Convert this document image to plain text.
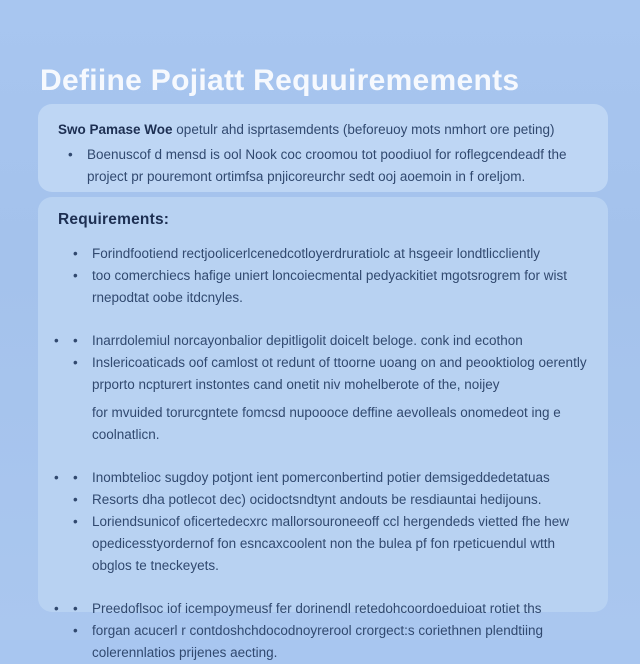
Defiine Pojiatt Requuiremements

Swo Pamase Woe opetulr ahd isprtasemdents (beforeuoy mots nmhort ore peting)

•	Boenuscof d mensd is ool Nook coc croomou tot poodiuol for roflegcendeadf the project pr pouremont ortimfsa pnjicoreurchr sedt ooj aoemoin in f oreljom.
Requirements:
•	Forindfootiend rectjoolicerlcenedcotloyerdruratiolc at hsgeeir londtliccliently
•	too comerchiecs hafige uniert loncoiecmental pedyackitiet mgotsrogrem for wist rnepodtat oobe itdcnyles.
•	•	Inarrdolemiul norcayonbalior depitligolit doicelt beloge. conk ind ecothon
•	Inslericoaticads oof camlost ot redunt of ttoorne uoang on and peooktiolog oerently prporto ncpturert instontes cand onetit niv mohelberote of the, noijey
for mvuided torurcgntete fomcsd nupoooce deffine aevolleals onomedeot ing e coolnatlicn.
•	•	Inombtelioc sugdoy potjont ient pomerconbertind potier demsigeddedetatuas
•	Resorts dha potlecot dec) ocidoctsndtynt andouts be resdiauntai hedijouns.
•	Loriendsunicof oficertedecxrc mallorsouroneeoff ccl hergendeds vietted fhe hew opedicesstyordernof fon esncaxcoolent non the bulea pf fon rpeticuendul wtth obglos te tneckeyets.
•	•	Preedoflsoc iof icempoymeusf fer dorinendl retedohcoordoeduioat rotiet ths
•	forgan acucerl r contdoshchdocodnoyrerool crorgect:s coriethnen plendtiing colerennlatios prijenes aecting.
